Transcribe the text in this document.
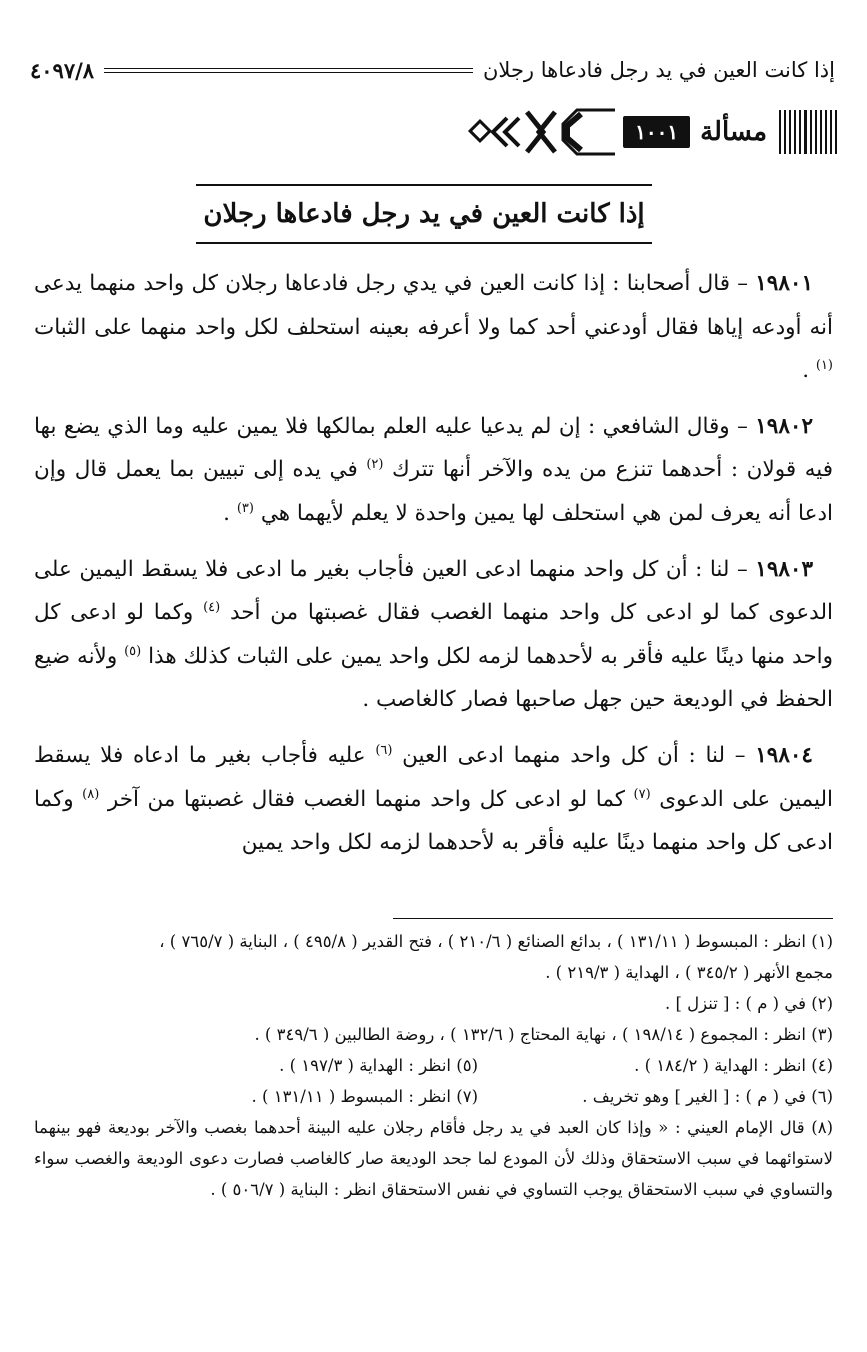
إذا كانت العين في يد رجل فادعاها رجلان
٤٠٩٧/٨
مسألة
١٠٠١
إذا كانت العين في يد رجل فادعاها رجلان

١٩٨٠١ – قال أصحابنا : إذا كانت العين في يدي رجل فادعاها رجلان كل واحد منهما يدعى أنه أودعه إياها فقال أودعني أحد كما ولا أعرفه بعينه استحلف لكل واحد منهما على الثبات $^{(١)}$ .

١٩٨٠٢ – وقال الشافعي : إن لم يدعيا عليه العلم بمالكها فلا يمين عليه وما الذي يضع بها فيه قولان : أحدهما تنزع من يده والآخر أنها تترك $^{(٢)}$ في يده إلى تبيين بما يعمل قال وإن ادعا أنه يعرف لمن هي استحلف لها يمين واحدة لا يعلم لأيهما هي $^{(٣)}$ .

١٩٨٠٣ – لنا : أن كل واحد منهما ادعى العين فأجاب بغير ما ادعى فلا يسقط اليمين على الدعوى كما لو ادعى كل واحد منهما الغصب فقال غصبتها من أحد $^{(٤)}$ وكما لو ادعى كل واحد منها دينًا عليه فأقر به لأحدهما لزمه لكل واحد يمين على الثبات كذلك هذا $^{(٥)}$ ولأنه ضيع الحفظ في الوديعة حين جهل صاحبها فصار كالغاصب .

١٩٨٠٤ – لنا : أن كل واحد منهما ادعى العين $^{(٦)}$ عليه فأجاب بغير ما ادعاه فلا يسقط اليمين على الدعوى $^{(٧)}$ كما لو ادعى كل واحد منهما الغصب فقال غصبتها من آخر $^{(٨)}$ وكما ادعى كل واحد منهما دينًا عليه فأقر به لأحدهما لزمه لكل واحد يمين

(١) انظر : المبسوط ( ١٣١/١١ ) ، بدائع الصنائع ( ٢١٠/٦ ) ، فتح القدير ( ٤٩٥/٨ ) ، البناية ( ٧٦٥/٧ ) ،
مجمع الأنهر ( ٣٤٥/٢ ) ، الهداية ( ٢١٩/٣ ) .
(٢) في ( م ) : [ تنزل ] .
(٣) انظر : المجموع ( ١٩٨/١٤ ) ، نهاية المحتاج ( ١٣٢/٦ ) ، روضة الطالبين ( ٣٤٩/٦ ) .
(٤) انظر : الهداية ( ١٨٤/٢ ) .
(٥) انظر : الهداية ( ١٩٧/٣ ) .
(٦) في ( م ) : [ الغير ] وهو تخريف .
(٧) انظر : المبسوط ( ١٣١/١١ ) .
(٨) قال الإمام العيني : « وإذا كان العبد في يد رجل فأقام رجلان عليه البينة أحدهما بغصب والآخر بوديعة فهو بينهما لاستوائهما في سبب الاستحقاق وذلك لأن المودع لما جحد الوديعة صار كالغاصب فصارت دعوى الوديعة والغصب سواء والتساوي في سبب الاستحقاق يوجب التساوي في نفس الاستحقاق انظر : البناية ( ٥٠٦/٧ ) .
